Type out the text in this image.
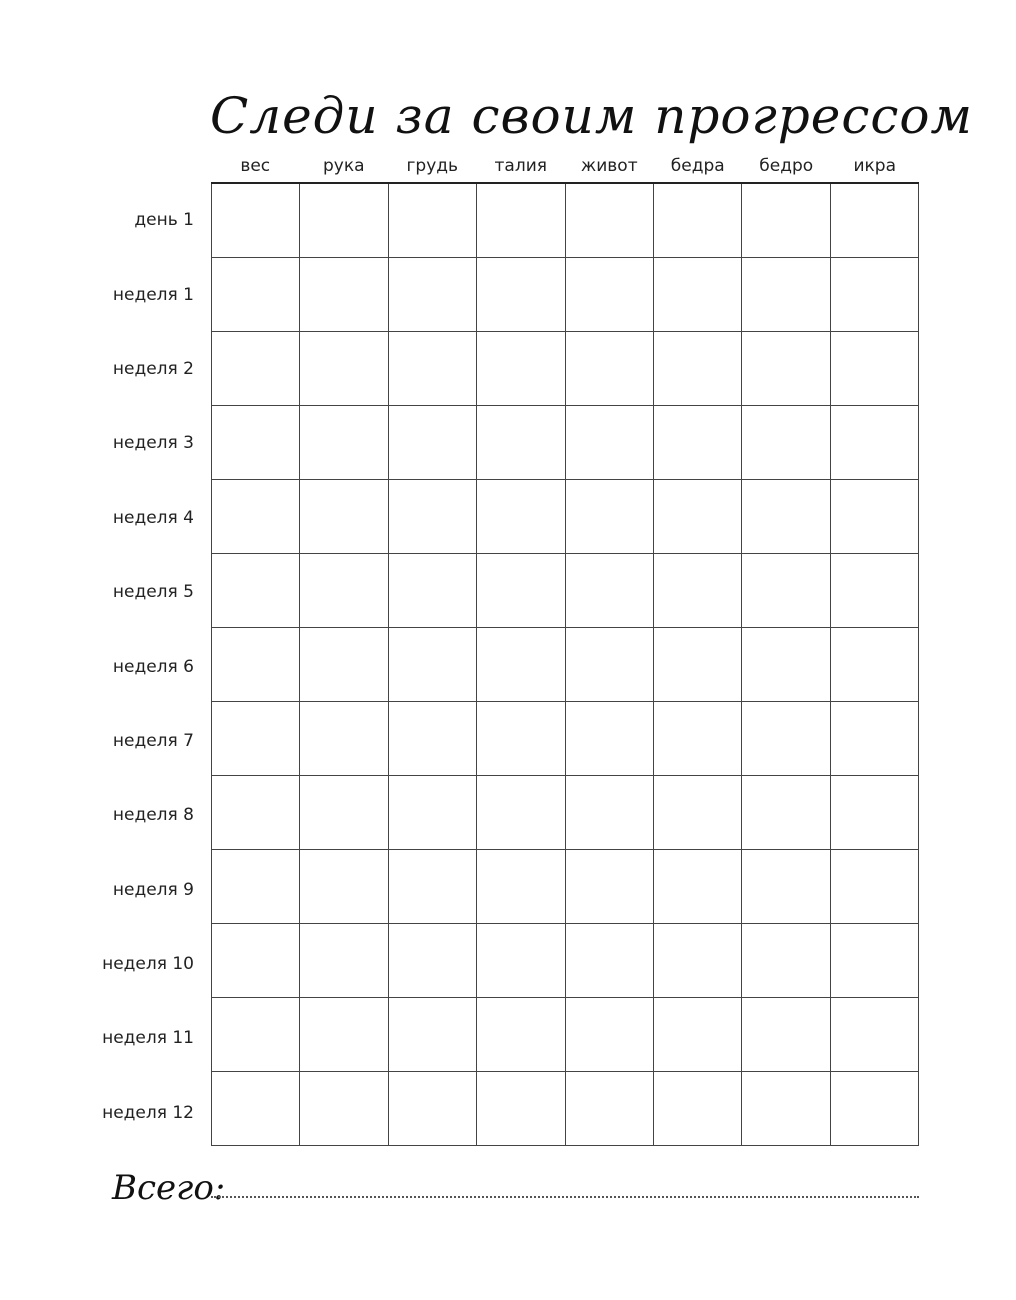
Следи за своим прогрессом
вес	рука	грудь	талия	живот	бедра	бедро	икра
день 1
неделя 1
неделя 2
неделя 3
неделя 4
неделя 5
неделя 6
неделя 7
неделя 8
неделя 9
неделя 10
неделя 11
неделя 12

Всего:
